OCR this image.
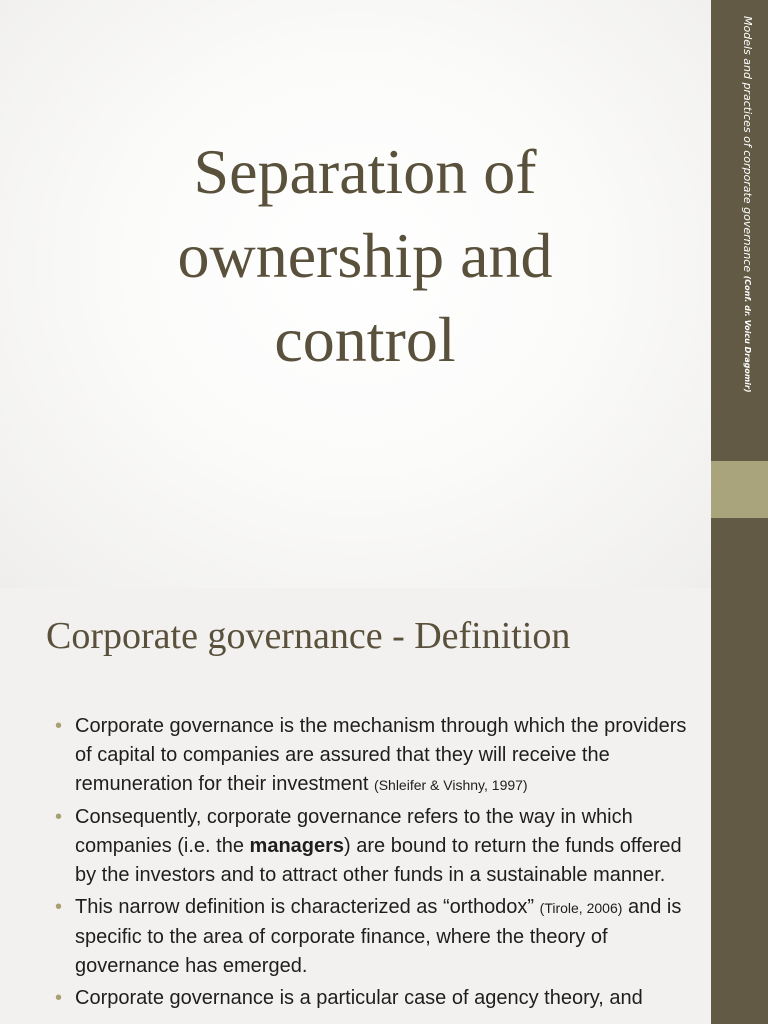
Separation of
ownership and
control
Models and practices of corporate governance (Conf. dr. Voicu Dragomir)
Corporate governance - Definition
• Corporate governance is the mechanism through which the providers of capital to companies are assured that they will receive the remuneration for their investment (Shleifer & Vishny, 1997)
• Consequently, corporate governance refers to the way in which companies (i.e. the managers) are bound to return the funds offered by the investors and to attract other funds in a sustainable manner.
• This narrow definition is characterized as “orthodox” (Tirole, 2006) and is specific to the area of corporate finance, where the theory of governance has emerged.
• Corporate governance is a particular case of agency theory, and
